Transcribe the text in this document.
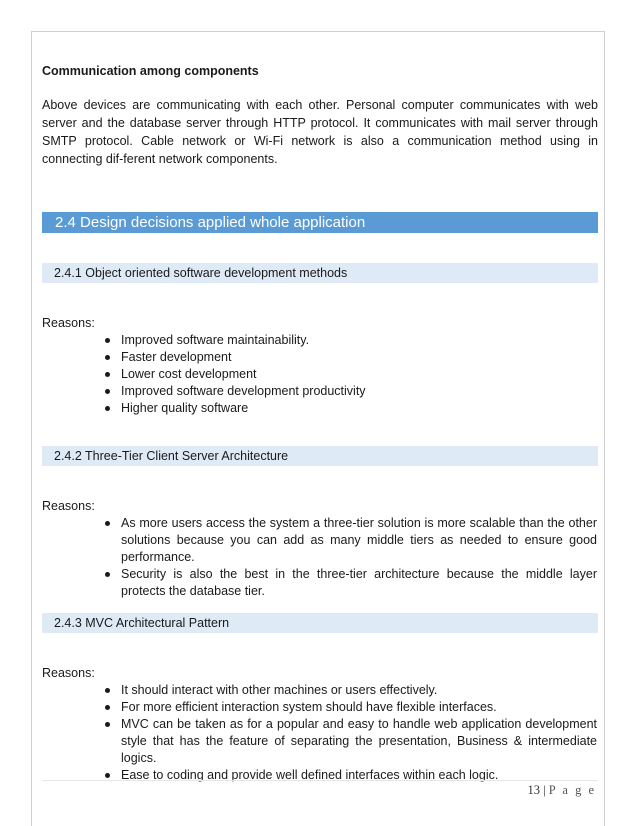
Communication among components
Above devices are communicating with each other. Personal computer communicates with web server and the database server through HTTP protocol. It communicates with mail server through SMTP protocol. Cable network or Wi-Fi network is also a communication method using in connecting dif-ferent network components.
2.4 Design decisions applied whole application
2.4.1 Object oriented software development methods
Reasons:
Improved software maintainability.
Faster development
Lower cost development
Improved software development productivity
Higher quality software
2.4.2 Three-Tier Client Server Architecture
Reasons:
As more users access the system a three-tier solution is more scalable than the other solutions because you can add as many middle tiers as needed to ensure good performance.
Security is also the best in the three-tier architecture because the middle layer protects the database tier.
2.4.3 MVC Architectural Pattern
Reasons:
It should interact with other machines or users effectively.
For more efficient interaction system should have flexible interfaces.
MVC can be taken as for a popular and easy to handle web application development style that has the feature of separating the presentation, Business & intermediate logics.
Ease to coding and provide well defined interfaces within each logic.
13 | P a g e
